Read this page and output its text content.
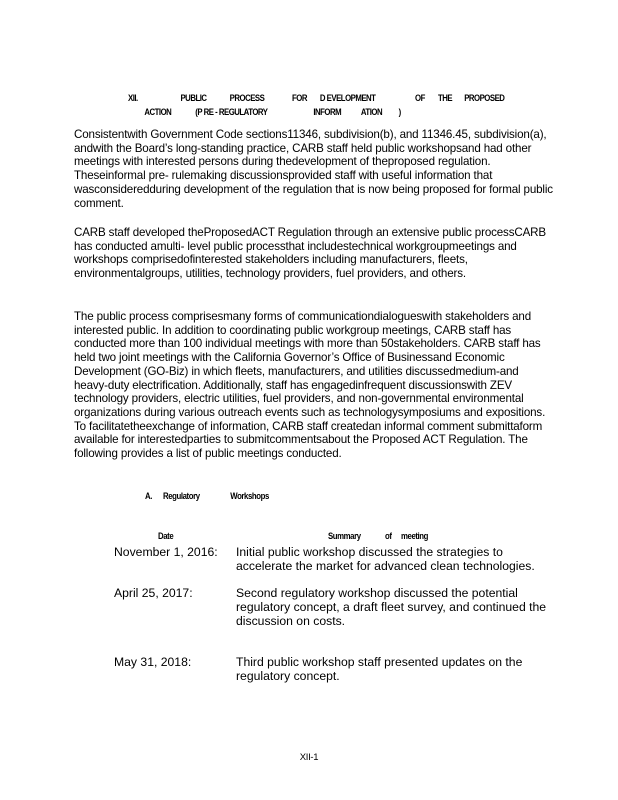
XII.	PUBLIC PROCESS	FOR D EVELOPMENT	OF THE PROPOSED
ACTION	(P RE - REGULATORY	INFORM ATION )

Consistentwith Government Code sections11346, subdivision(b), and 11346.45, subdivision(a), andwith the Board’s long-standing practice, CARB staff held public workshopsand had other meetings with interested persons during thedevelopment of theproposed regulation. Theseinformal pre- rulemaking discussionsprovided staff with useful information that wasconsideredduring development of the regulation that is now being proposed for formal public comment.

CARB staff developed theProposedACT Regulation through an extensive public processCARB has conducted amulti- level public processthat includestechnical workgroupmeetings and workshops comprisedofinterested stakeholders including manufacturers, fleets, environmentalgroups, utilities, technology providers, fuel providers, and others.

The public process comprisesmany forms of communicationdialogueswith stakeholders and interested public. In addition to coordinating public workgroup meetings, CARB staff has conducted more than 100 individual meetings with more than 50stakeholders. CARB staff has held two joint meetings with the California Governor’s Office of Businessand Economic Development (GO-Biz) in which fleets, manufacturers, and utilities discussedmedium-and heavy-duty electrification. Additionally, staff has engagedinfrequent discussionswith ZEV technology providers, electric utilities, fuel providers, and non-governmental environmental organizations during various outreach events such as technologysymposiums and expositions. To facilitatetheexchange of information, CARB staff createdan informal comment submittaform available for interestedparties to submitcommentsabout the Proposed ACT Regulation. The following provides a list of public meetings conducted.

A. Regulatory	Workshops
Date	Summary	of meeting
November 1, 2016: Initial public workshop discussed the strategies to accelerate the market for advanced clean technologies.
April 25, 2017:	Second regulatory workshop discussed the potential regulatory concept, a draft fleet survey, and continued the discussion on costs.
May 31, 2018:	Third public workshop staff presented updates on the regulatory concept.
XII-1
